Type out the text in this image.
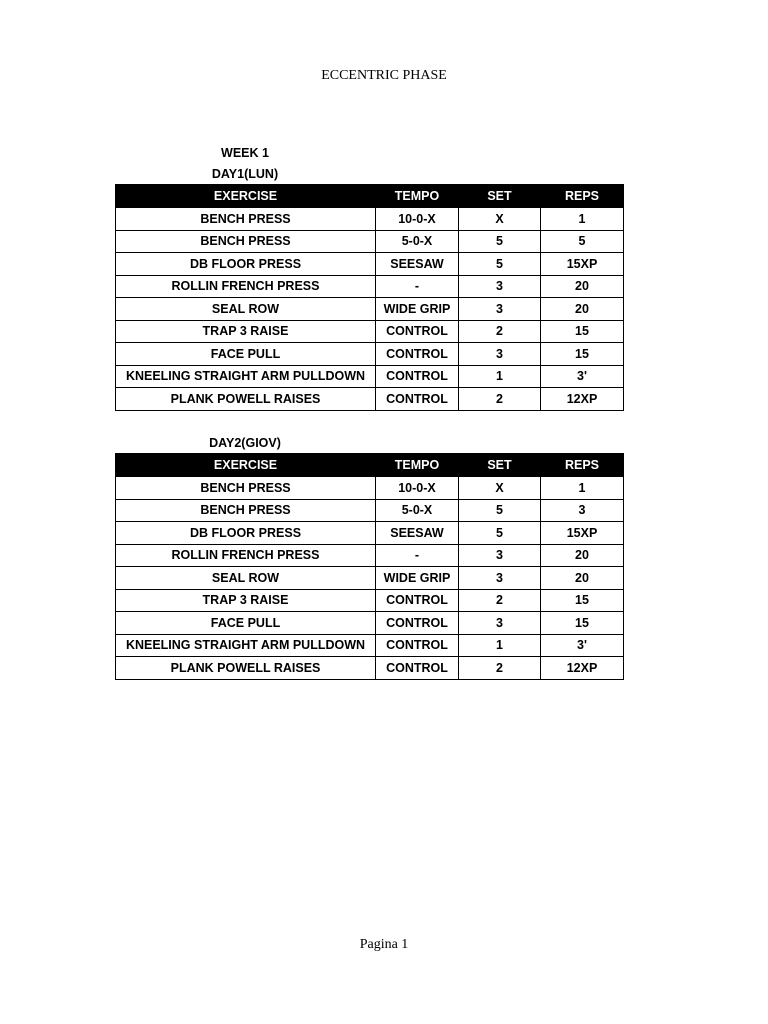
ECCENTRIC PHASE
WEEK 1
DAY1(LUN)
EXERCISE	TEMPO	SET	REPS
BENCH PRESS	10-0-X	X	1
BENCH PRESS	5-0-X	5	5
DB FLOOR PRESS	SEESAW	5	15XP
ROLLIN FRENCH PRESS	-	3	20
SEAL ROW	WIDE GRIP	3	20
TRAP 3 RAISE	CONTROL	2	15
FACE PULL	CONTROL	3	15
KNEELING STRAIGHT ARM PULLDOWN	CONTROL	1	3'
PLANK POWELL RAISES	CONTROL	2	12XP
DAY2(GIOV)
EXERCISE	TEMPO	SET	REPS
BENCH PRESS	10-0-X	X	1
BENCH PRESS	5-0-X	5	3
DB FLOOR PRESS	SEESAW	5	15XP
ROLLIN FRENCH PRESS	-	3	20
SEAL ROW	WIDE GRIP	3	20
TRAP 3 RAISE	CONTROL	2	15
FACE PULL	CONTROL	3	15
KNEELING STRAIGHT ARM PULLDOWN	CONTROL	1	3'
PLANK POWELL RAISES	CONTROL	2	12XP
Pagina 1
